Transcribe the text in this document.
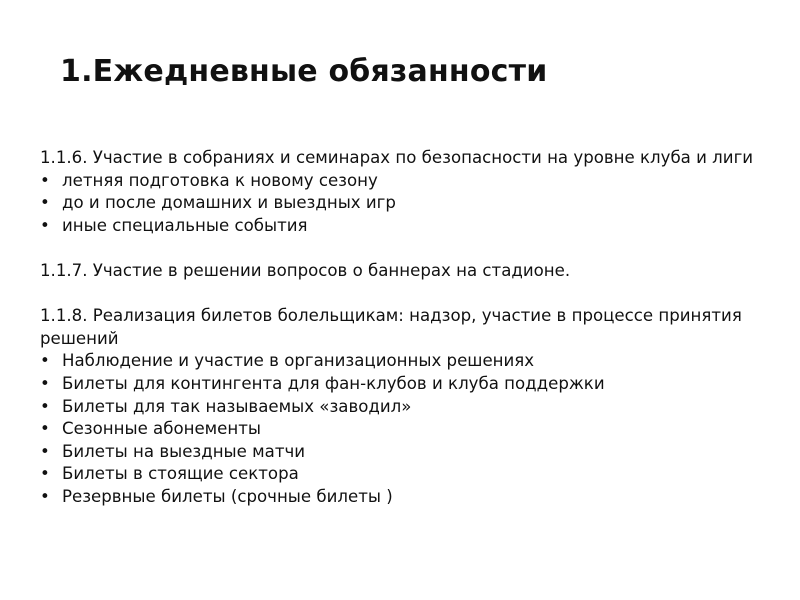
1.Ежедневные обязанности

1.1.6. Участие в собраниях и семинарах по безопасности на уровне клуба и лиги

• летняя подготовка к новому сезону
• до и после домашних и выездных игр
• иные специальные события

1.1.7. Участие в решении вопросов о баннерах на стадионе.

1.1.8. Реализация билетов болельщикам: надзор, участие в процессе принятия решений

• Наблюдение и участие в организационных решениях
• Билеты для контингента для фан-клубов и клуба поддержки
• Билеты для так называемых «заводил»
• Сезонные абонементы
• Билеты на выездные матчи
• Билеты в стоящие сектора
• Резервные билеты (срочные билеты )
